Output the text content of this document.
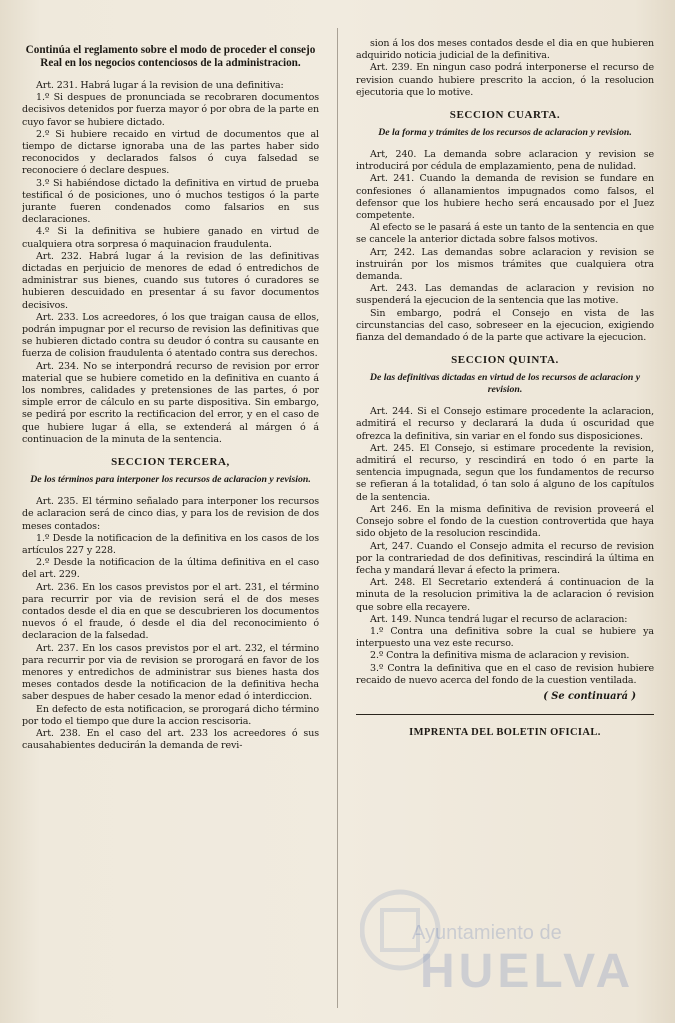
Continúa el reglamento sobre el modo de proceder el consejo Real en los negocios contenciosos de la administracion.

Art. 231. Habrá lugar á la revision de una definitiva:

1.º Si despues de pronunciada se recobraren documentos decisivos detenidos por fuerza mayor ó por obra de la parte en cuyo favor se hubiere dictado.

2.º Si hubiere recaido en virtud de documentos que al tiempo de dictarse ignoraba una de las partes haber sido reconocidos y declarados falsos ó cuya falsedad se reconociere ó declare despues.

3.º Si habiéndose dictado la definitiva en virtud de prueba testifical ó de posiciones, uno ó muchos testigos ó la parte jurante fueren condenados como falsarios en sus declaraciones.

4.º Si la definitiva se hubiere ganado en virtud de cualquiera otra sorpresa ó maquinacion fraudulenta.

Art. 232. Habrá lugar á la revision de las definitivas dictadas en perjuicio de menores de edad ó entredichos de administrar sus bienes, cuando sus tutores ó curadores se hubieren descuidado en presentar á su favor documentos decisivos.

Art. 233. Los acreedores, ó los que traigan causa de ellos, podrán impugnar por el recurso de revision las definitivas que se hubieren dictado contra su deudor ó contra su causante en fuerza de colision fraudulenta ó atentado contra sus derechos.

Art. 234. No se interpondrá recurso de revision por error material que se hubiere cometido en la definitiva en cuanto á los nombres, calidades y pretensiones de las partes, ó por simple error de cálculo en su parte dispositiva. Sin embargo, se pedirá por escrito la rectificacion del error, y en el caso de que hubiere lugar á ella, se extenderá al márgen ó á continuacion de la minuta de la sentencia.

SECCION TERCERA,
De los términos para interponer los recursos de aclaracion y revision.

Art. 235. El término señalado para interponer los recursos de aclaracion será de cinco dias, y para los de revision de dos meses contados:

1.º Desde la notificacion de la definitiva en los casos de los artículos 227 y 228.

2.º Desde la notificacion de la última definitiva en el caso del art. 229.

Art. 236. En los casos previstos por el art. 231, el término para recurrir por via de revision será el de dos meses contados desde el dia en que se descubrieren los documentos nuevos ó el fraude, ó desde el dia del reconocimiento ó declaracion de la falsedad.

Art. 237. En los casos previstos por el art. 232, el término para recurrir por via de revision se prorogará en favor de los menores y entredichos de administrar sus bienes hasta dos meses contados desde la notificacion de la definitiva hecha saber despues de haber cesado la menor edad ó interdiccion.

En defecto de esta notificacion, se prorogará dicho término por todo el tiempo que dure la accion rescisoria.

Art. 238. En el caso del art. 233 los acreedores ó sus causahabientes deducirán la demanda de revi-

sion á los dos meses contados desde el dia en que hubieren adquirido noticia judicial de la definitiva.

Art. 239. En ningun caso podrá interponerse el recurso de revision cuando hubiere prescrito la accion, ó la resolucion ejecutoria que lo motive.

SECCION CUARTA.
De la forma y trámites de los recursos de aclaracion y revision.

Art, 240. La demanda sobre aclaracion y revision se introducirá por cédula de emplazamiento, pena de nulidad.

Art. 241. Cuando la demanda de revision se fundare en confesiones ó allanamientos impugnados como falsos, el defensor que los hubiere hecho será encausado por el Juez competente.

Al efecto se le pasará á este un tanto de la sentencia en que se cancele la anterior dictada sobre falsos motivos.

Arr, 242. Las demandas sobre aclaracion y revision se instruirán por los mismos trámites que cualquiera otra demanda.

Art. 243. Las demandas de aclaracion y revision no suspenderá la ejecucion de la sentencia que las motive.

Sin embargo, podrá el Consejo en vista de las circunstancias del caso, sobreseer en la ejecucion, exigiendo fianza del demandado ó de la parte que activare la ejecucion.

SECCION QUINTA.
De las definitivas dictadas en virtud de los recursos de aclaracion y revision.

Art. 244. Si el Consejo estimare procedente la aclaracion, admitirá el recurso y declarará la duda ú oscuridad que ofrezca la definitiva, sin variar en el fondo sus disposiciones.

Art. 245. El Consejo, si estimare procedente la revision, admitirá el recurso, y rescindirá en todo ó en parte la sentencia impugnada, segun que los fundamentos de recurso se refieran á la totalidad, ó tan solo á alguno de los capítulos de la sentencia.

Art 246. En la misma definitiva de revision proveerá el Consejo sobre el fondo de la cuestion controvertida que haya sido objeto de la resolucion rescindida.

Art, 247. Cuando el Consejo admita el recurso de revision por la contrariedad de dos definitivas, rescindirá la última en fecha y mandará llevar á efecto la primera.

Art. 248. El Secretario extenderá á continuacion de la minuta de la resolucion primitiva la de aclaracion ó revision que sobre ella recayere.

Art. 149. Nunca tendrá lugar el recurso de aclaracion:

1.º Contra una definitiva sobre la cual se hubiere ya interpuesto una vez este recurso.

2.º Contra la definitiva misma de aclaracion y revision.

3.º Contra la definitiva que en el caso de revision hubiere recaido de nuevo acerca del fondo de la cuestion ventilada.

( Se continuará )
IMPRENTA DEL BOLETIN OFICIAL.
Ayuntamiento de
HUELVA
